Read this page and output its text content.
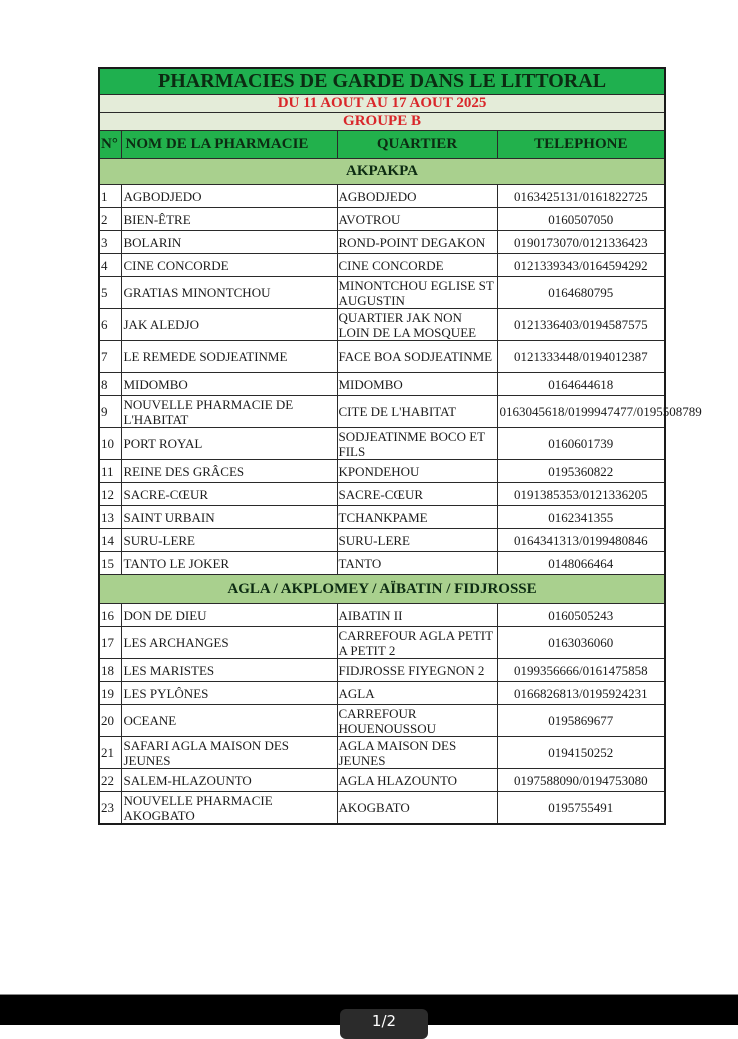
PHARMACIES DE GARDE DANS LE LITTORAL			
DU 11 AOUT AU 17 AOUT 2025			
GROUPE B			
N°	NOM DE LA PHARMACIE	QUARTIER	TELEPHONE
AKPAKPA			
1	AGBODJEDO	AGBODJEDO	0163425131/0161822725
2	BIEN-ÊTRE	AVOTROU	0160507050
3	BOLARIN	ROND-POINT DEGAKON	0190173070/0121336423
4	CINE CONCORDE	CINE CONCORDE	0121339343/0164594292
5	GRATIAS MINONTCHOU	MINONTCHOU EGLISE ST AUGUSTIN	0164680795
6	JAK ALEDJO	QUARTIER JAK NON LOIN DE LA MOSQUEE	0121336403/0194587575
7	LE REMEDE SODJEATINME	FACE BOA SODJEATINME	0121333448/0194012387
8	MIDOMBO	MIDOMBO	0164644618
9	NOUVELLE PHARMACIE DE L'HABITAT	CITE DE L'HABITAT	0163045618/0199947477/0195508789
10	PORT ROYAL	SODJEATINME BOCO ET FILS	0160601739
11	REINE DES GRÂCES	KPONDEHOU	0195360822
12	SACRE-CŒUR	SACRE-CŒUR	0191385353/0121336205
13	SAINT URBAIN	TCHANKPAME	0162341355
14	SURU-LERE	SURU-LERE	0164341313/0199480846
15	TANTO LE JOKER	TANTO	0148066464
AGLA / AKPLOMEY / AÏBATIN / FIDJROSSE			
16	DON DE DIEU	AIBATIN II	0160505243
17	LES ARCHANGES	CARREFOUR AGLA PETIT A PETIT 2	0163036060
18	LES MARISTES	FIDJROSSE FIYEGNON 2	0199356666/0161475858
19	LES PYLÔNES	AGLA	0166826813/0195924231
20	OCEANE	CARREFOUR HOUENOUSSOU	0195869677
21	SAFARI AGLA MAISON DES JEUNES	AGLA MAISON DES JEUNES	0194150252
22	SALEM-HLAZOUNTO	AGLA HLAZOUNTO	0197588090/0194753080
23	NOUVELLE PHARMACIE AKOGBATO	AKOGBATO	0195755491
1/2
